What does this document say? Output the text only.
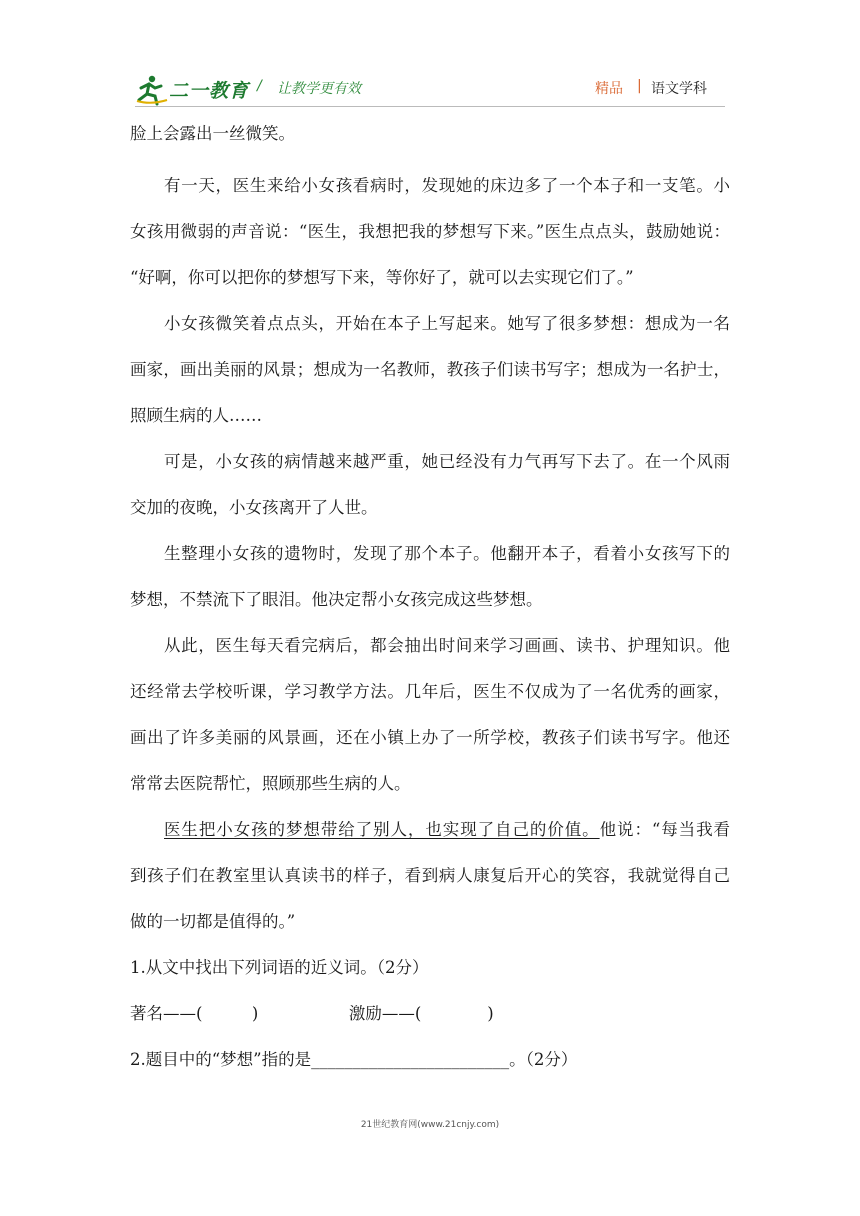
二一教育 / 让教学更有效	精品 | 语文学科
脸上会露出一丝微笑。
有一天，医生来给小女孩看病时，发现她的床边多了一个本子和一支笔。小
女孩用微弱的声音说：“医生，我想把我的梦想写下来。”医生点点头，鼓励她说：
“好啊，你可以把你的梦想写下来，等你好了，就可以去实现它们了。”
小女孩微笑着点点头，开始在本子上写起来。她写了很多梦想：想成为一名
画家，画出美丽的风景；想成为一名教师，教孩子们读书写字；想成为一名护士，
照顾生病的人……
可是，小女孩的病情越来越严重，她已经没有力气再写下去了。在一个风雨
交加的夜晚，小女孩离开了人世。
生整理小女孩的遗物时，发现了那个本子。他翻开本子，看着小女孩写下的
梦想，不禁流下了眼泪。他决定帮小女孩完成这些梦想。
从此，医生每天看完病后，都会抽出时间来学习画画、读书、护理知识。他
还经常去学校听课，学习教学方法。几年后，医生不仅成为了一名优秀的画家，
画出了许多美丽的风景画，还在小镇上办了一所学校，教孩子们读书写字。他还
常常去医院帮忙，照顾那些生病的人。
医生把小女孩的梦想带给了别人，也实现了自己的价值。他说：“每当我看
到孩子们在教室里认真读书的样子，看到病人康复后开心的笑容，我就觉得自己
做的一切都是值得的。”
1.从文中找出下列词语的近义词。（2分）
著名——(　　　)	激励——(　　　　)
2.题目中的“梦想”指的是________________________。（2分）
21世纪教育网(www.21cnjy.com)
